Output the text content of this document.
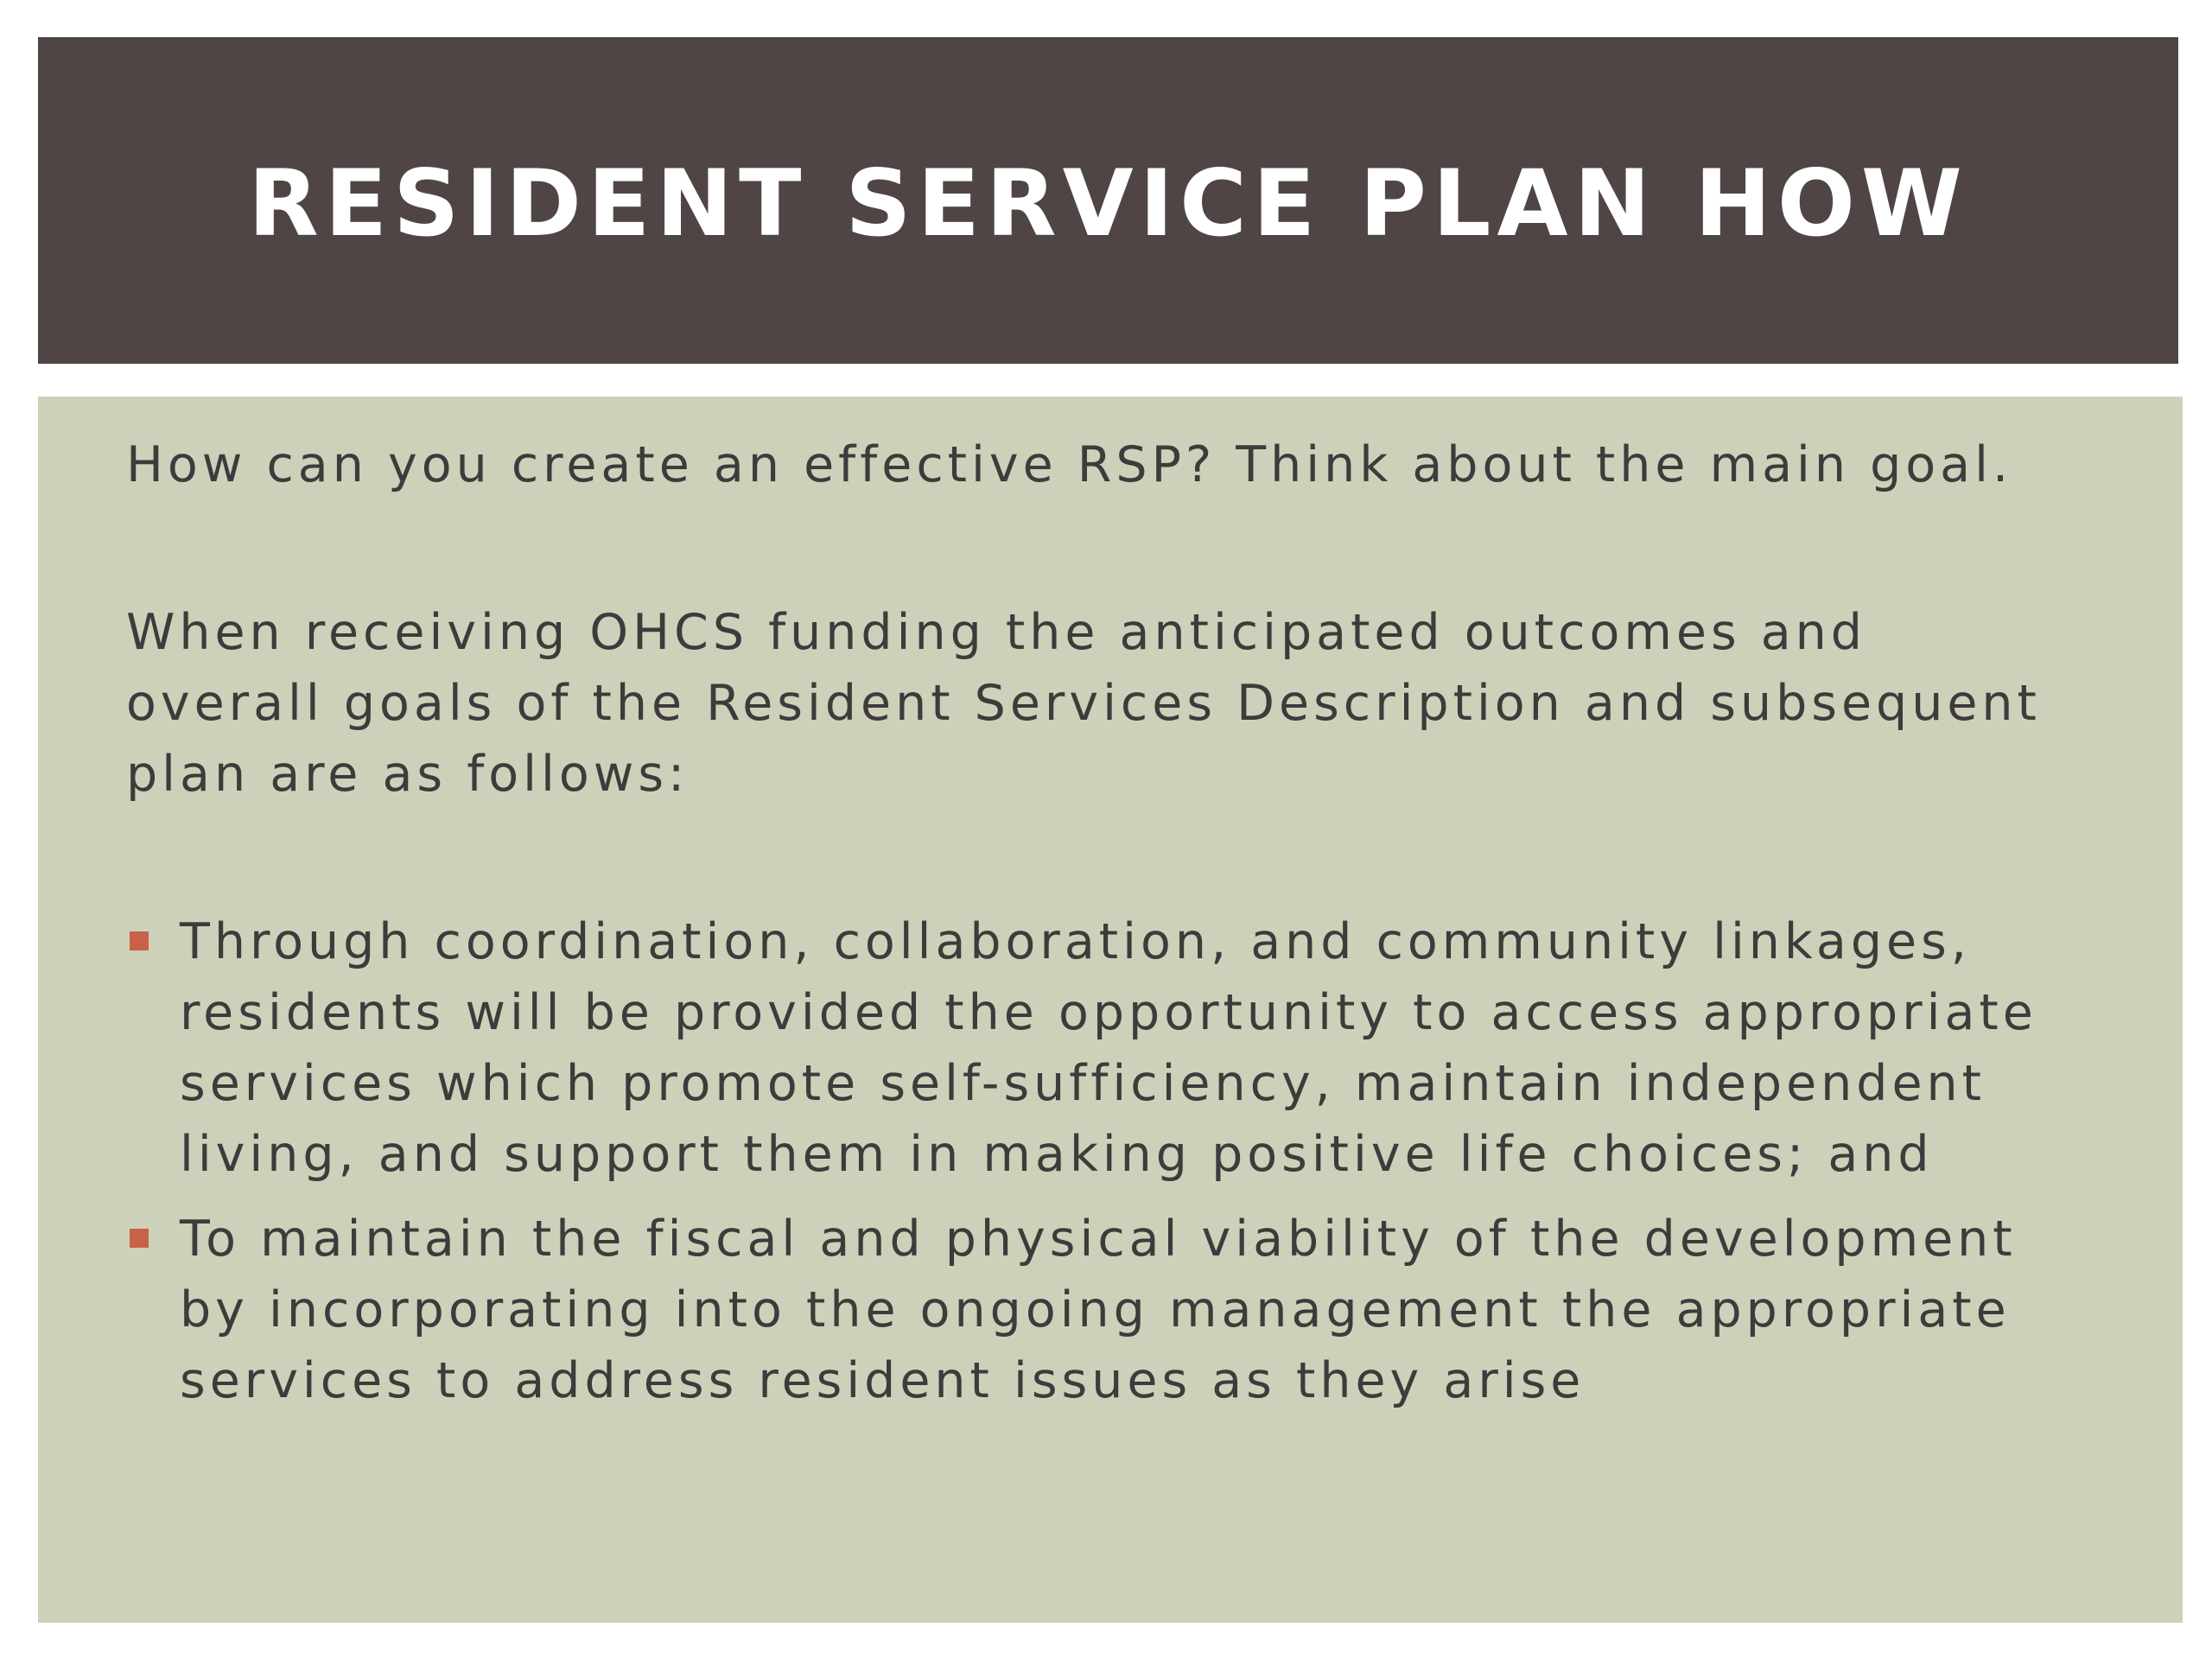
RESIDENT SERVICE PLAN HOW

How can you create an effective RSP? Think about the main goal.

When receiving OHCS funding the anticipated outcomes and
overall goals of the Resident Services Description and subsequent
plan are as follows:

Through coordination, collaboration, and community linkages,
residents will be provided the opportunity to access appropriate
services which promote self-sufficiency, maintain independent
living, and support them in making positive life choices; and
To maintain the fiscal and physical viability of the development
by incorporating into the ongoing management the appropriate
services to address resident issues as they arise
